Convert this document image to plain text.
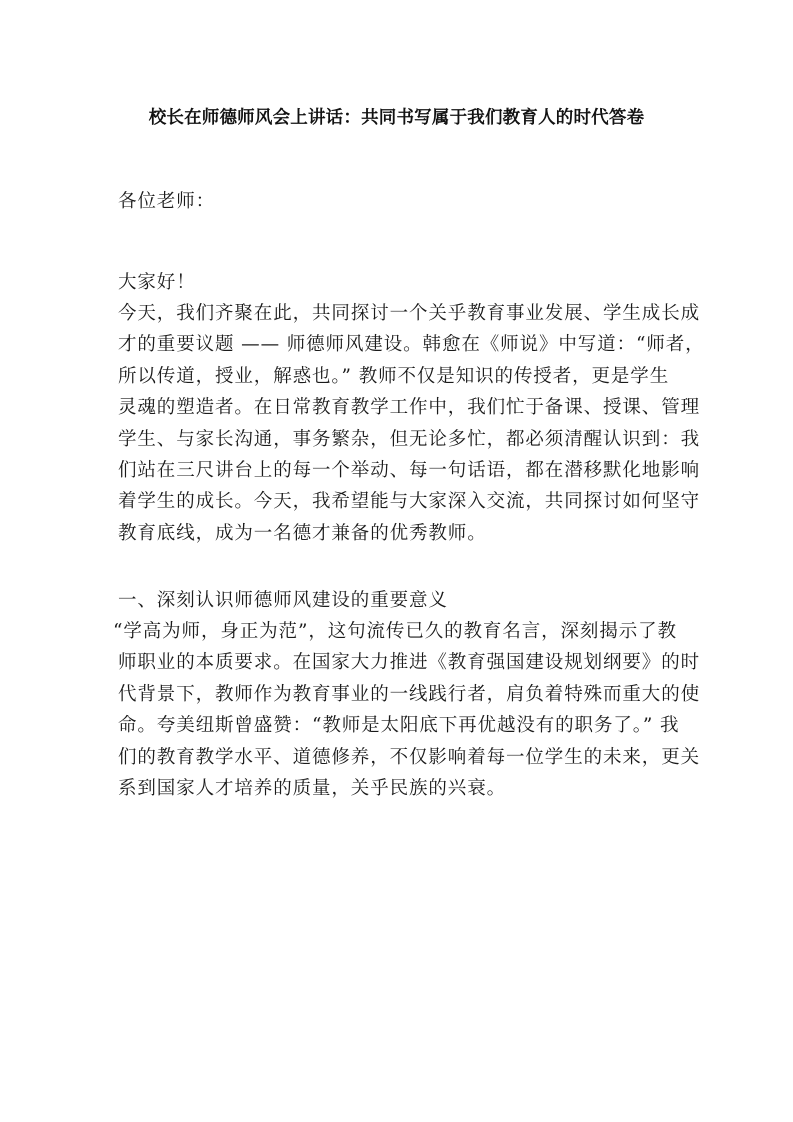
校长在师德师风会上讲话：共同书写属于我们教育人的时代答卷
各位老师：
大家好！
今天，我们齐聚在此，共同探讨一个关乎教育事业发展、学生成长成
才的重要议题 —— 师德师风建设。韩愈在《师说》中写道：“师者，
所以传道，授业，解惑也。” 教师不仅是知识的传授者，更是学生
灵魂的塑造者。在日常教育教学工作中，我们忙于备课、授课、管理
学生、与家长沟通，事务繁杂，但无论多忙，都必须清醒认识到：我
们站在三尺讲台上的每一个举动、每一句话语，都在潜移默化地影响
着学生的成长。今天，我希望能与大家深入交流，共同探讨如何坚守
教育底线，成为一名德才兼备的优秀教师。
一、深刻认识师德师风建设的重要意义
“学高为师，身正为范”，这句流传已久的教育名言，深刻揭示了教
师职业的本质要求。在国家大力推进《教育强国建设规划纲要》的时
代背景下，教师作为教育事业的一线践行者，肩负着特殊而重大的使
命。夸美纽斯曾盛赞：“教师是太阳底下再优越没有的职务了。” 我
们的教育教学水平、道德修养，不仅影响着每一位学生的未来，更关
系到国家人才培养的质量，关乎民族的兴衰。
